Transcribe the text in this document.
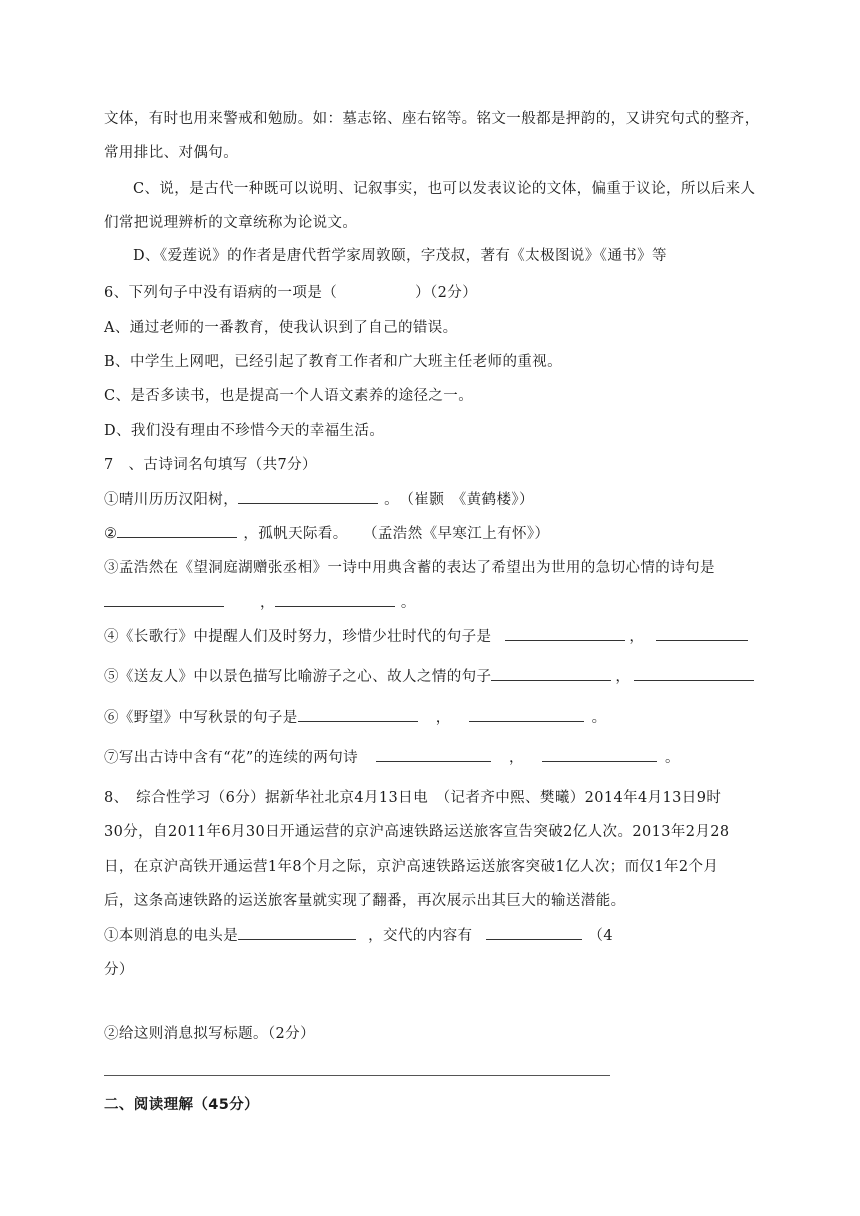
文体，有时也用来警戒和勉励。如：墓志铭、座右铭等。铭文一般都是押韵的，又讲究句式的整齐，
常用排比、对偶句。
C、说，是古代一种既可以说明、记叙事实，也可以发表议论的文体，偏重于议论，所以后来人
们常把说理辨析的文章统称为论说文。
D、《爱莲说》的作者是唐代哲学家周敦颐，字茂叔，著有《太极图说》《通书》等
6、下列句子中没有语病的一项是（	）（2分）
A、通过老师的一番教育，使我认识到了自己的错误。
B、中学生上网吧，已经引起了教育工作者和广大班主任老师的重视。
C、是否多读书，也是提高一个人语文素养的途径之一。
D、我们没有理由不珍惜今天的幸福生活。
7　、古诗词名句填写（共7分）
①晴川历历汉阳树，	。　（崔颢　《黄鹤楼》）
②	，孤帆天际看。　　（孟浩然《早寒江上有怀》）
③孟浩然在《望洞庭湖赠张丞相》一诗中用典含蓄的表达了希望出为世用的急切心情的诗句是
，	。
④《长歌行》中提醒人们及时努力，珍惜少壮时代的句子是	，
⑤《送友人》中以景色描写比喻游子之心、故人之情的句子	，
⑥《野望》中写秋景的句子是	，	。
⑦写出古诗中含有“花”的连续的两句诗	，	。
8、　综合性学习（6分）据新华社北京4月13日电　（记者齐中熙、樊曦）2014年4月13日9时
30分，自2011年6月30日开通运营的京沪高速铁路运送旅客宣告突破2亿人次。2013年2月28
日，在京沪高铁开通运营1年8个月之际，京沪高速铁路运送旅客突破1亿人次；而仅1年2个月
后，这条高速铁路的运送旅客量就实现了翻番，再次展示出其巨大的输送潜能。
①本则消息的电头是	，交代的内容有	（4
分）
②给这则消息拟写标题。（2分）
二、阅读理解（45分）
